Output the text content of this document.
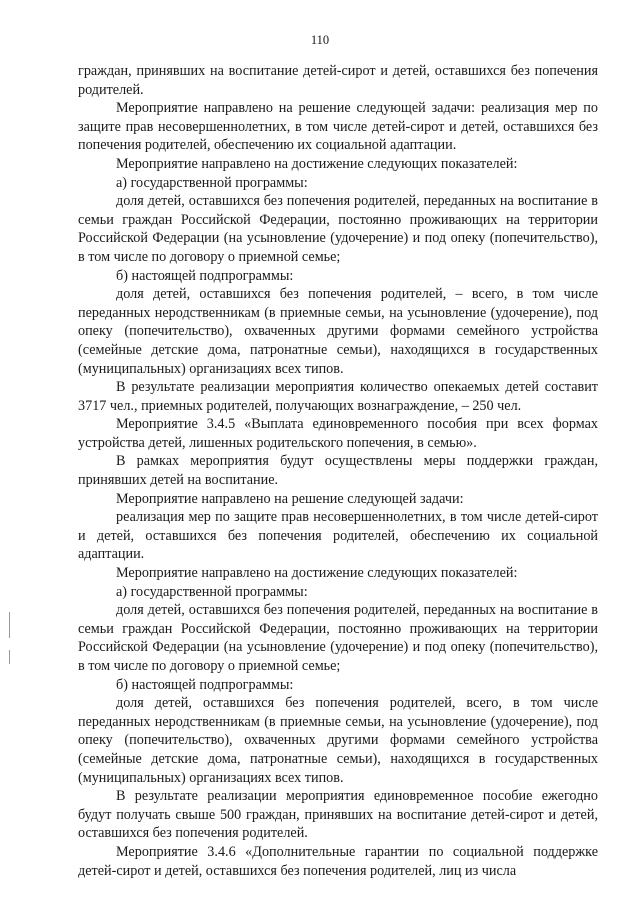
110

граждан, принявших на воспитание детей-сирот и детей, оставшихся без попечения родителей.

Мероприятие направлено на решение следующей задачи: реализация мер по защите прав несовершеннолетних, в том числе детей-сирот и детей, оставшихся без попечения родителей, обеспечению их социальной адаптации.

Мероприятие направлено на достижение следующих показателей:

а) государственной программы:

доля детей, оставшихся без попечения родителей, переданных на воспитание в семьи граждан Российской Федерации, постоянно проживающих на территории Российской Федерации (на усыновление (удочерение) и под опеку (попечительство), в том числе по договору о приемной семье;

б) настоящей подпрограммы:

доля детей, оставшихся без попечения родителей, – всего, в том числе переданных неродственникам (в приемные семьи, на усыновление (удочерение), под опеку (попечительство), охваченных другими формами семейного устройства (семейные детские дома, патронатные семьи), находящихся в государственных (муниципальных) организациях всех типов.

В результате реализации мероприятия количество опекаемых детей составит 3717 чел., приемных родителей, получающих вознаграждение, – 250 чел.

Мероприятие 3.4.5 «Выплата единовременного пособия при всех формах устройства детей, лишенных родительского попечения, в семью».

В рамках мероприятия будут осуществлены меры поддержки граждан, принявших детей на воспитание.

Мероприятие направлено на решение следующей задачи:

реализация мер по защите прав несовершеннолетних, в том числе детей-сирот и детей, оставшихся без попечения родителей, обеспечению их социальной адаптации.

Мероприятие направлено на достижение следующих показателей:

а) государственной программы:

доля детей, оставшихся без попечения родителей, переданных на воспитание в семьи граждан Российской Федерации, постоянно проживающих на территории Российской Федерации (на усыновление (удочерение) и под опеку (попечительство), в том числе по договору о приемной семье;

б) настоящей подпрограммы:

доля детей, оставшихся без попечения родителей, всего, в том числе переданных неродственникам (в приемные семьи, на усыновление (удочерение), под опеку (попечительство), охваченных другими формами семейного устройства (семейные детские дома, патронатные семьи), находящихся в государственных (муниципальных) организациях всех типов.

В результате реализации мероприятия единовременное пособие ежегодно будут получать свыше 500 граждан, принявших на воспитание детей-сирот и детей, оставшихся без попечения родителей.

Мероприятие 3.4.6 «Дополнительные гарантии по социальной поддержке детей-сирот и детей, оставшихся без попечения родителей, лиц из числа
